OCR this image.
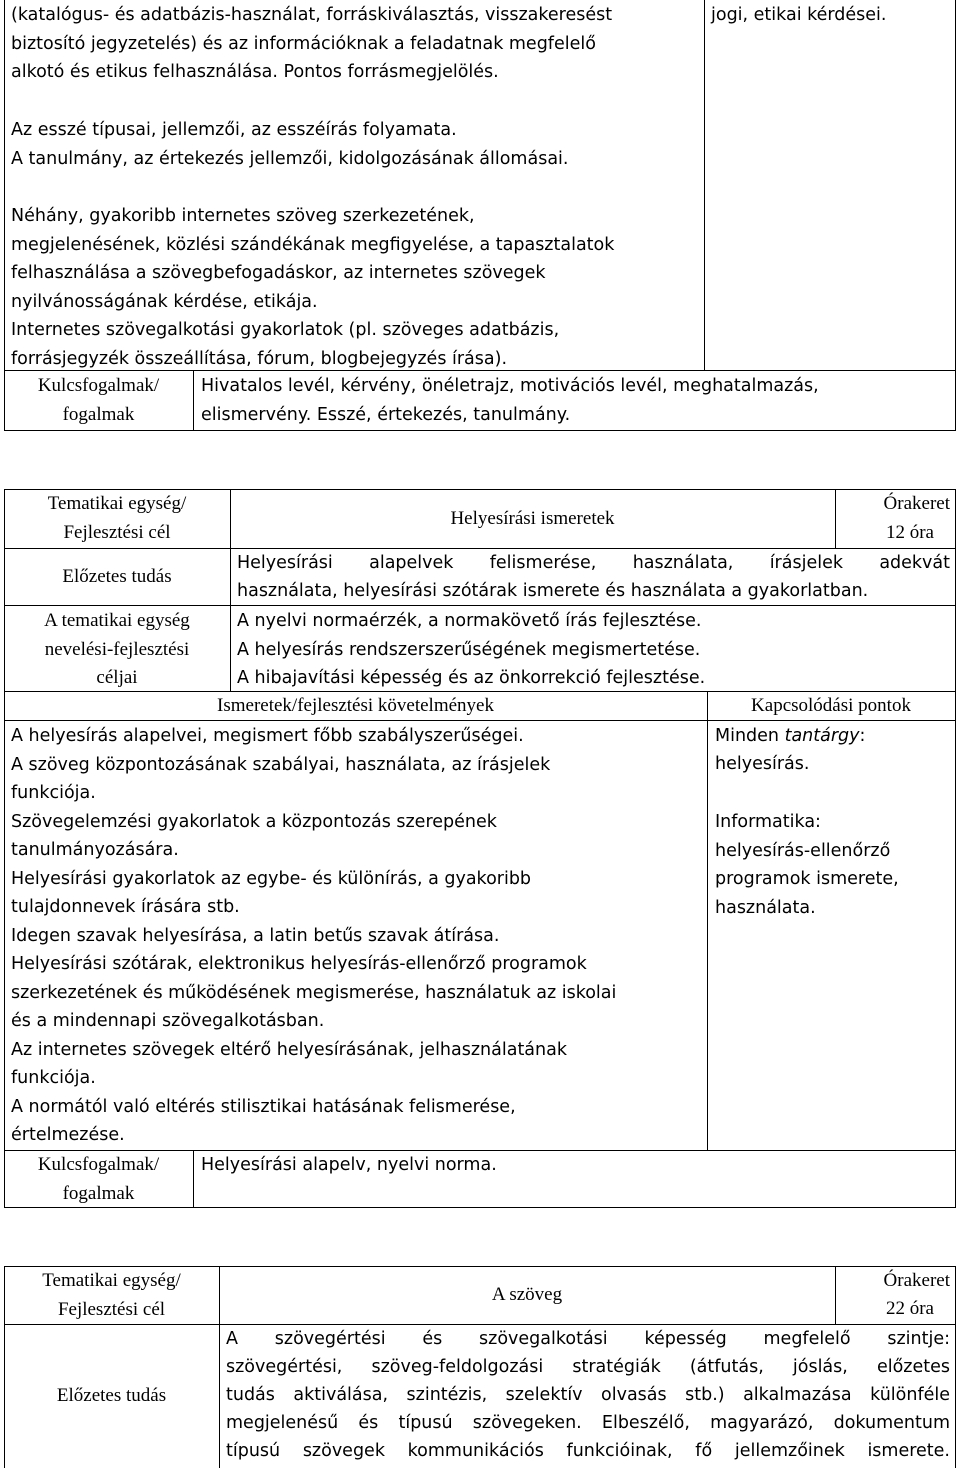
(katalógus- és adatbázis-használat, forráskiválasztás, visszakeresést
biztosító jegyzetelés) és az információknak a feladatnak megfelelő
alkotó és etikus felhasználása. Pontos forrásmegjelölés.
Az esszé típusai, jellemzői, az esszéírás folyamata.
A tanulmány, az értekezés jellemzői, kidolgozásának állomásai.
Néhány, gyakoribb internetes szöveg szerkezetének,
megjelenésének, közlési szándékának megfigyelése, a tapasztalatok
felhasználása a szövegbefogadáskor, az internetes szövegek
nyilvánosságának kérdése, etikája.
Internetes szövegalkotási gyakorlatok (pl. szöveges adatbázis,
forrásjegyzék összeállítása, fórum, blogbejegyzés írása).
jogi, etikai kérdései.
Kulcsfogalmak/
fogalmak
Hivatalos levél, kérvény, önéletrajz, motivációs levél, meghatalmazás,
elismervény. Esszé, értekezés, tanulmány.
Tematikai egység/
Fejlesztési cél
Helyesírási ismeretek
Órakeret
12 óra
Előzetes tudás
Helyesírási alapelvek felismerése, használata, írásjelek adekvát
használata, helyesírási szótárak ismerete és használata a gyakorlatban.
A tematikai egység
nevelési-fejlesztési
céljai
A nyelvi normaérzék, a normakövető írás fejlesztése.
A helyesírás rendszerszerűségének megismertetése.
A hibajavítási képesség és az önkorrekció fejlesztése.
Ismeretek/fejlesztési követelmények	Kapcsolódási pontok
A helyesírás alapelvei, megismert főbb szabályszerűségei.
A szöveg központozásának szabályai, használata, az írásjelek
funkciója.
Szövegelemzési gyakorlatok a központozás szerepének
tanulmányozására.
Helyesírási gyakorlatok az egybe- és különírás, a gyakoribb
tulajdonnevek írására stb.
Idegen szavak helyesírása, a latin betűs szavak átírása.
Helyesírási szótárak, elektronikus helyesírás-ellenőrző programok
szerkezetének és működésének megismerése, használatuk az iskolai
és a mindennapi szövegalkotásban.
Az internetes szövegek eltérő helyesírásának, jelhasználatának
funkciója.
A normától való eltérés stilisztikai hatásának felismerése,
értelmezése.
Minden tantárgy:
helyesírás.
Informatika:
helyesírás-ellenőrző
programok ismerete,
használata.
Kulcsfogalmak/
fogalmak
Helyesírási alapelv, nyelvi norma.
Tematikai egység/
Fejlesztési cél
A szöveg
Órakeret
22 óra
Előzetes tudás
A szövegértési és szövegalkotási képesség megfelelő szintje:
szövegértési, szöveg-feldolgozási stratégiák (átfutás, jóslás, előzetes
tudás aktiválása, szintézis, szelektív olvasás stb.) alkalmazása különféle
megjelenésű és típusú szövegeken. Elbeszélő, magyarázó, dokumentum
típusú szövegek kommunikációs funkcióinak, fő jellemzőinek ismerete.
